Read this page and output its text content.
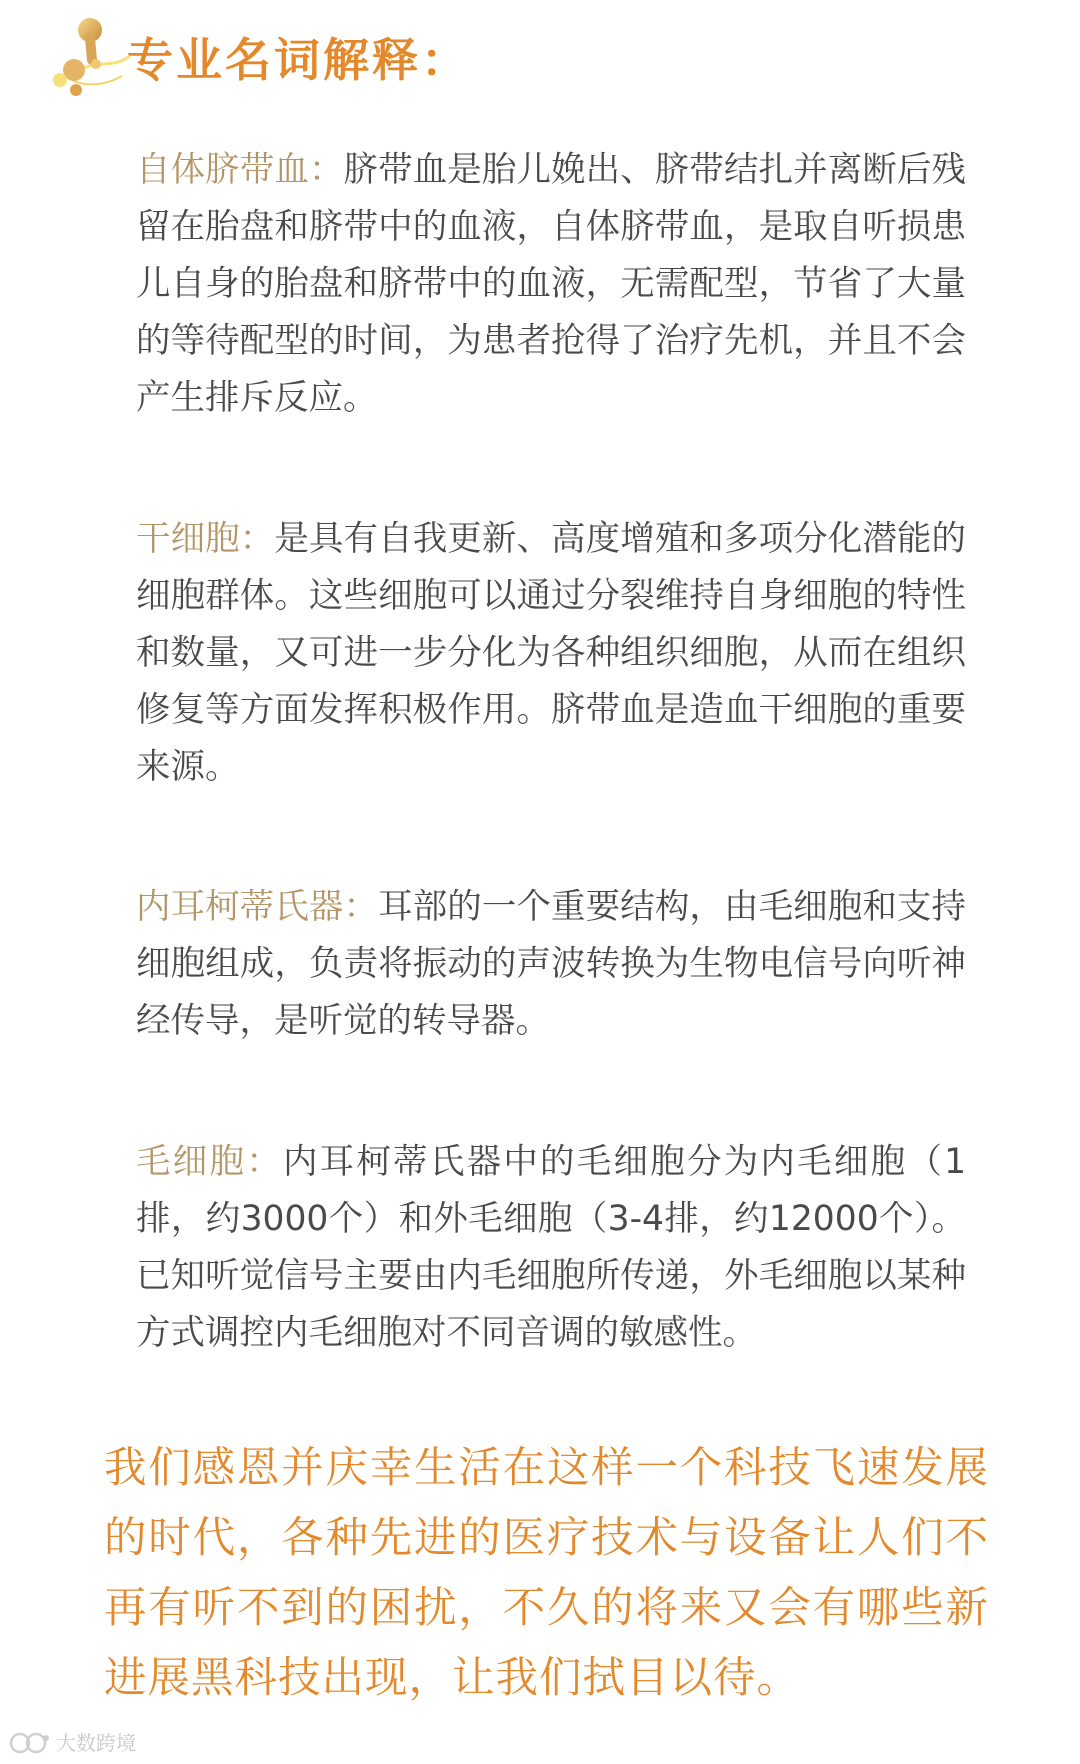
专业名词解释：
自体脐带血：脐带血是胎儿娩出、脐带结扎并离断后残留在胎盘和脐带中的血液，自体脐带血，是取自听损患儿自身的胎盘和脐带中的血液，无需配型，节省了大量的等待配型的时间，为患者抢得了治疗先机，并且不会产生排斥反应。
干细胞：是具有自我更新、高度增殖和多项分化潜能的细胞群体。这些细胞可以通过分裂维持自身细胞的特性和数量，又可进一步分化为各种组织细胞，从而在组织修复等方面发挥积极作用。脐带血是造血干细胞的重要来源。
内耳柯蒂氏器：耳部的一个重要结构，由毛细胞和支持细胞组成，负责将振动的声波转换为生物电信号向听神经传导，是听觉的转导器。
毛细胞：内耳柯蒂氏器中的毛细胞分为内毛细胞（1排，约3000个）和外毛细胞（3-4排，约12000个）。已知听觉信号主要由内毛细胞所传递，外毛细胞以某种方式调控内毛细胞对不同音调的敏感性。
我们感恩并庆幸生活在这样一个科技飞速发展的时代，各种先进的医疗技术与设备让人们不再有听不到的困扰，不久的将来又会有哪些新进展黑科技出现，让我们拭目以待。
大数跨境
